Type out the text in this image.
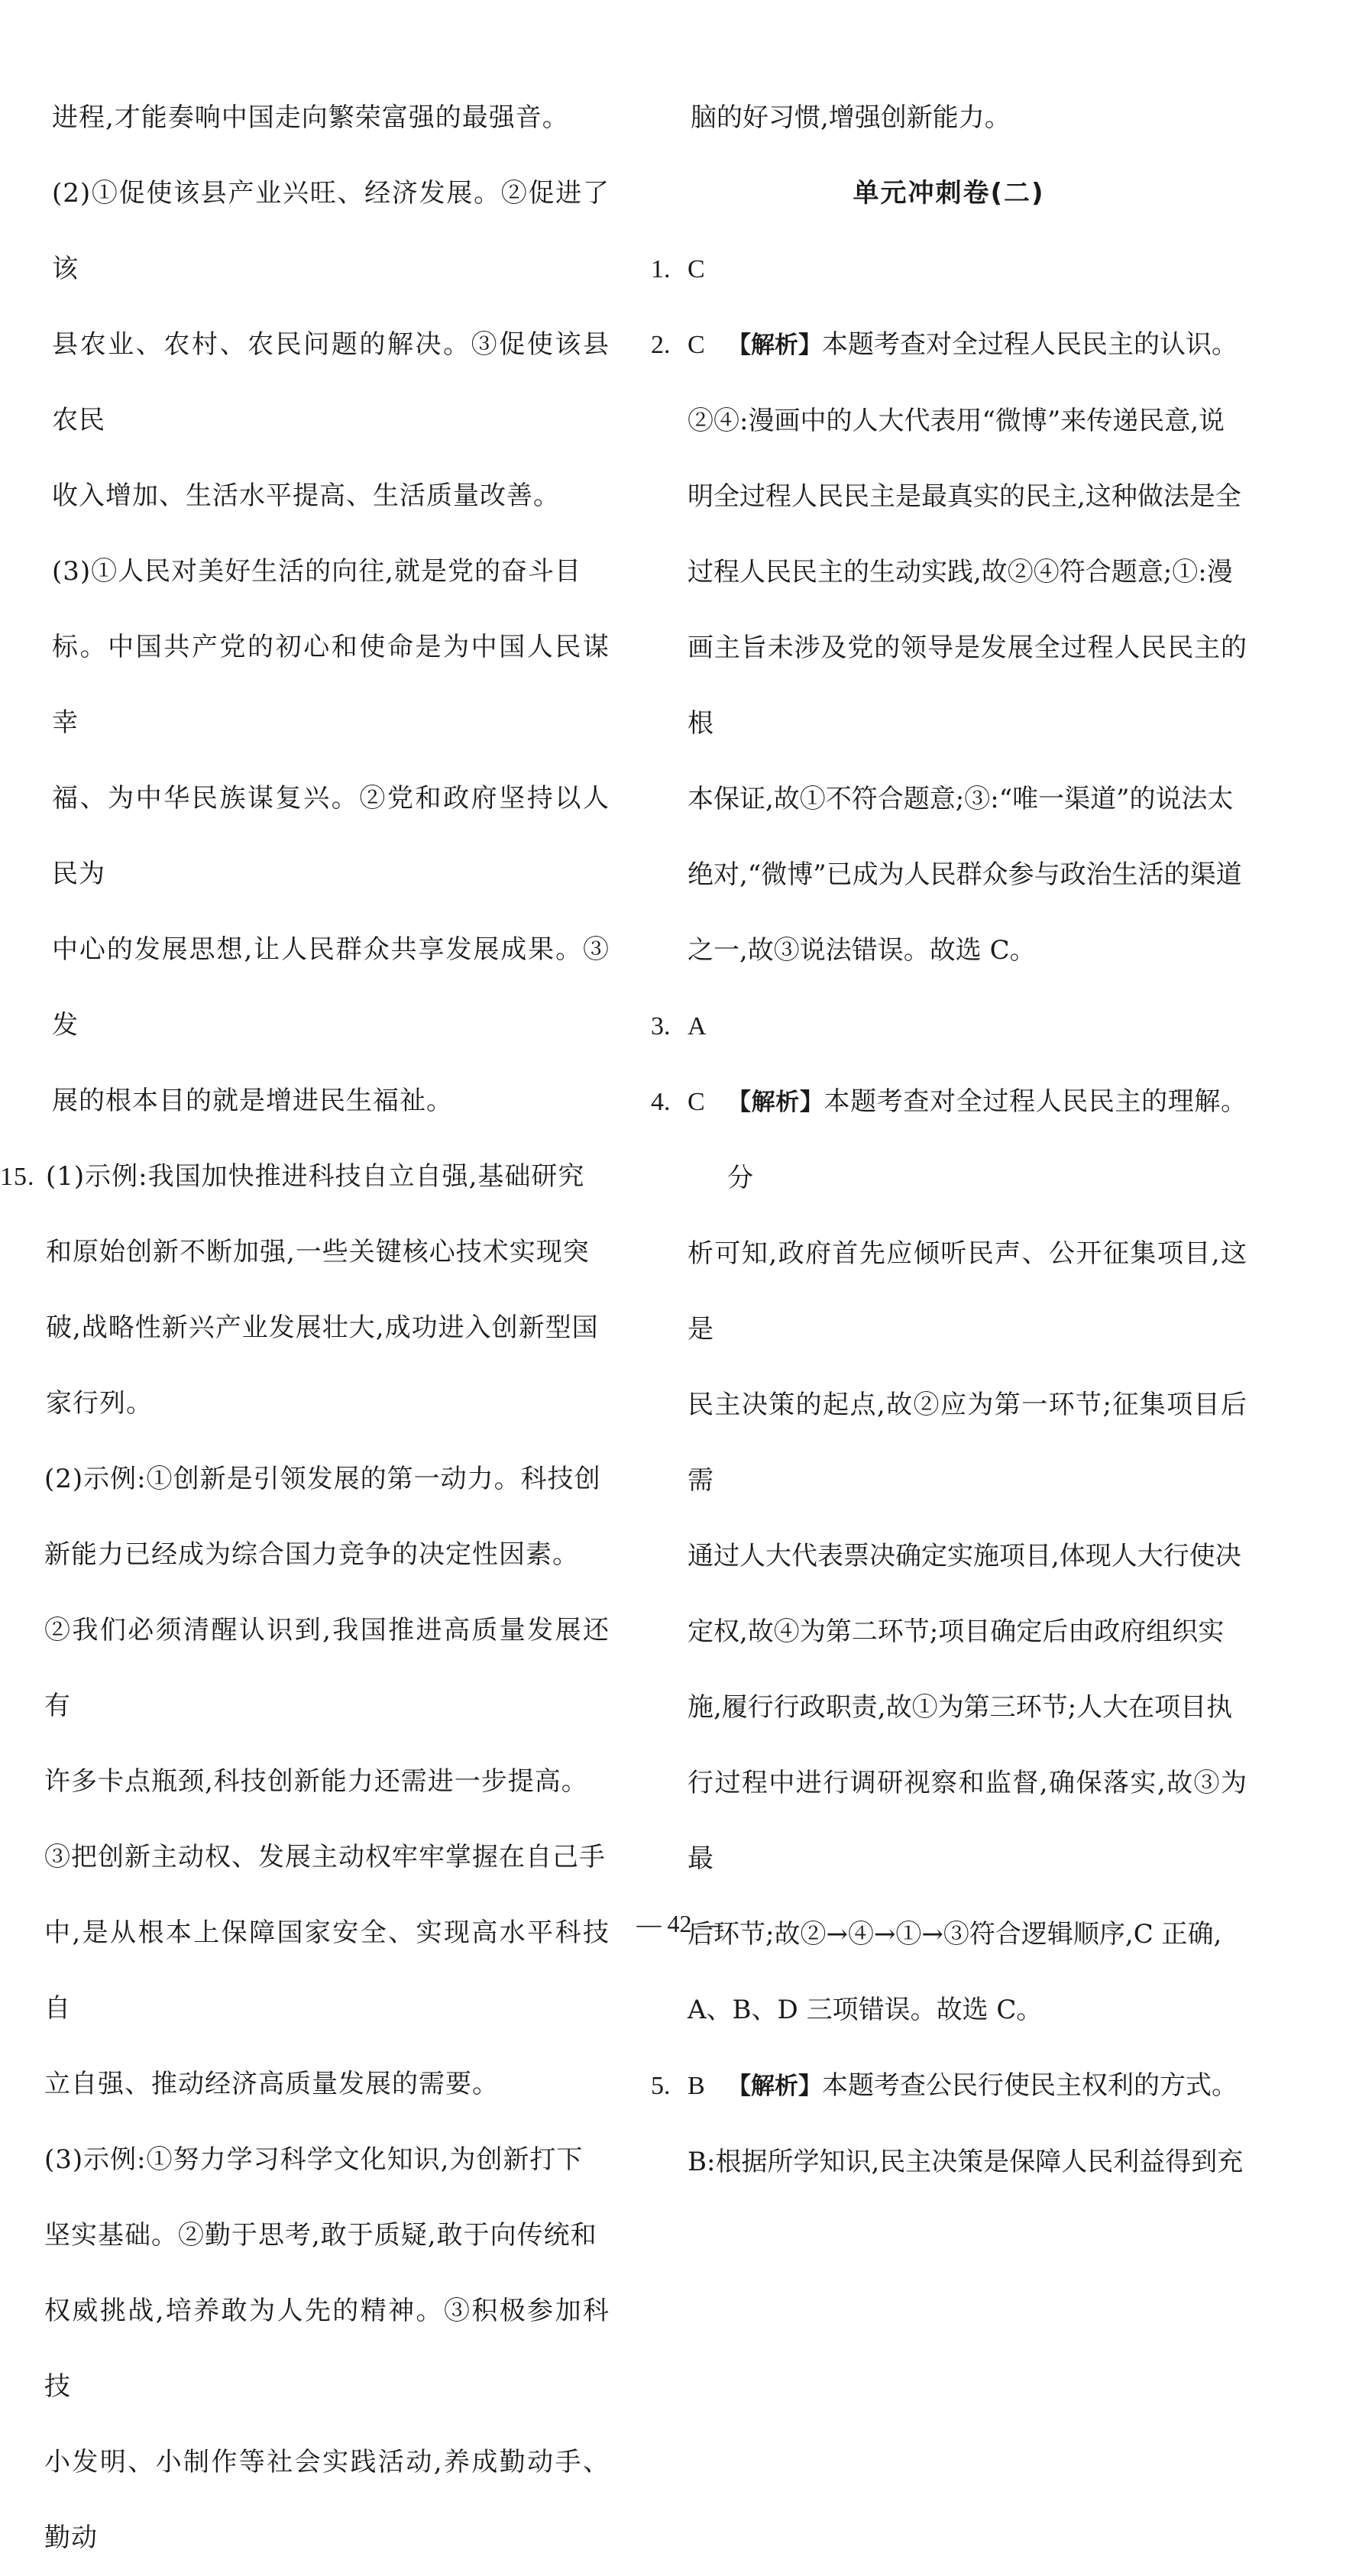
进程,才能奏响中国走向繁荣富强的最强音。

(2)①促使该县产业兴旺、经济发展。②促进了该

县农业、农村、农民问题的解决。③促使该县农民

收入增加、生活水平提高、生活质量改善。

(3)①人民对美好生活的向往,就是党的奋斗目

标。中国共产党的初心和使命是为中国人民谋幸

福、为中华民族谋复兴。②党和政府坚持以人民为

中心的发展思想,让人民群众共享发展成果。③发

展的根本目的就是增进民生福祉。

15. (1)示例:我国加快推进科技自立自强,基础研究

和原始创新不断加强,一些关键核心技术实现突

破,战略性新兴产业发展壮大,成功进入创新型国

家行列。

(2)示例:①创新是引领发展的第一动力。科技创

新能力已经成为综合国力竞争的决定性因素。

②我们必须清醒认识到,我国推进高质量发展还有

许多卡点瓶颈,科技创新能力还需进一步提高。

③把创新主动权、发展主动权牢牢掌握在自己手

中,是从根本上保障国家安全、实现高水平科技自

立自强、推动经济高质量发展的需要。

(3)示例:①努力学习科学文化知识,为创新打下

坚实基础。②勤于思考,敢于质疑,敢于向传统和

权威挑战,培养敢为人先的精神。③积极参加科技

小发明、小制作等社会实践活动,养成勤动手、勤动

脑的好习惯,增强创新能力。

单元冲刺卷(二)

1. C
2. C 【解析】本题考查对全过程人民民主的认识。

②④:漫画中的人大代表用“微博”来传递民意,说

明全过程人民民主是最真实的民主,这种做法是全

过程人民民主的生动实践,故②④符合题意;①:漫

画主旨未涉及党的领导是发展全过程人民民主的根

本保证,故①不符合题意;③:“唯一渠道”的说法太

绝对,“微博”已成为人民群众参与政治生活的渠道

之一,故③说法错误。故选 C。

3. A
4. C 【解析】本题考查对全过程人民民主的理解。分

析可知,政府首先应倾听民声、公开征集项目,这是

民主决策的起点,故②应为第一环节;征集项目后需

通过人大代表票决确定实施项目,体现人大行使决

定权,故④为第二环节;项目确定后由政府组织实

施,履行行政职责,故①为第三环节;人大在项目执

行过程中进行调研视察和监督,确保落实,故③为最

后环节;故②→④→①→③符合逻辑顺序,C 正确,

A、B、D 三项错误。故选 C。

5. B 【解析】本题考查公民行使民主权利的方式。

B:根据所学知识,民主决策是保障人民利益得到充

— 42 —
